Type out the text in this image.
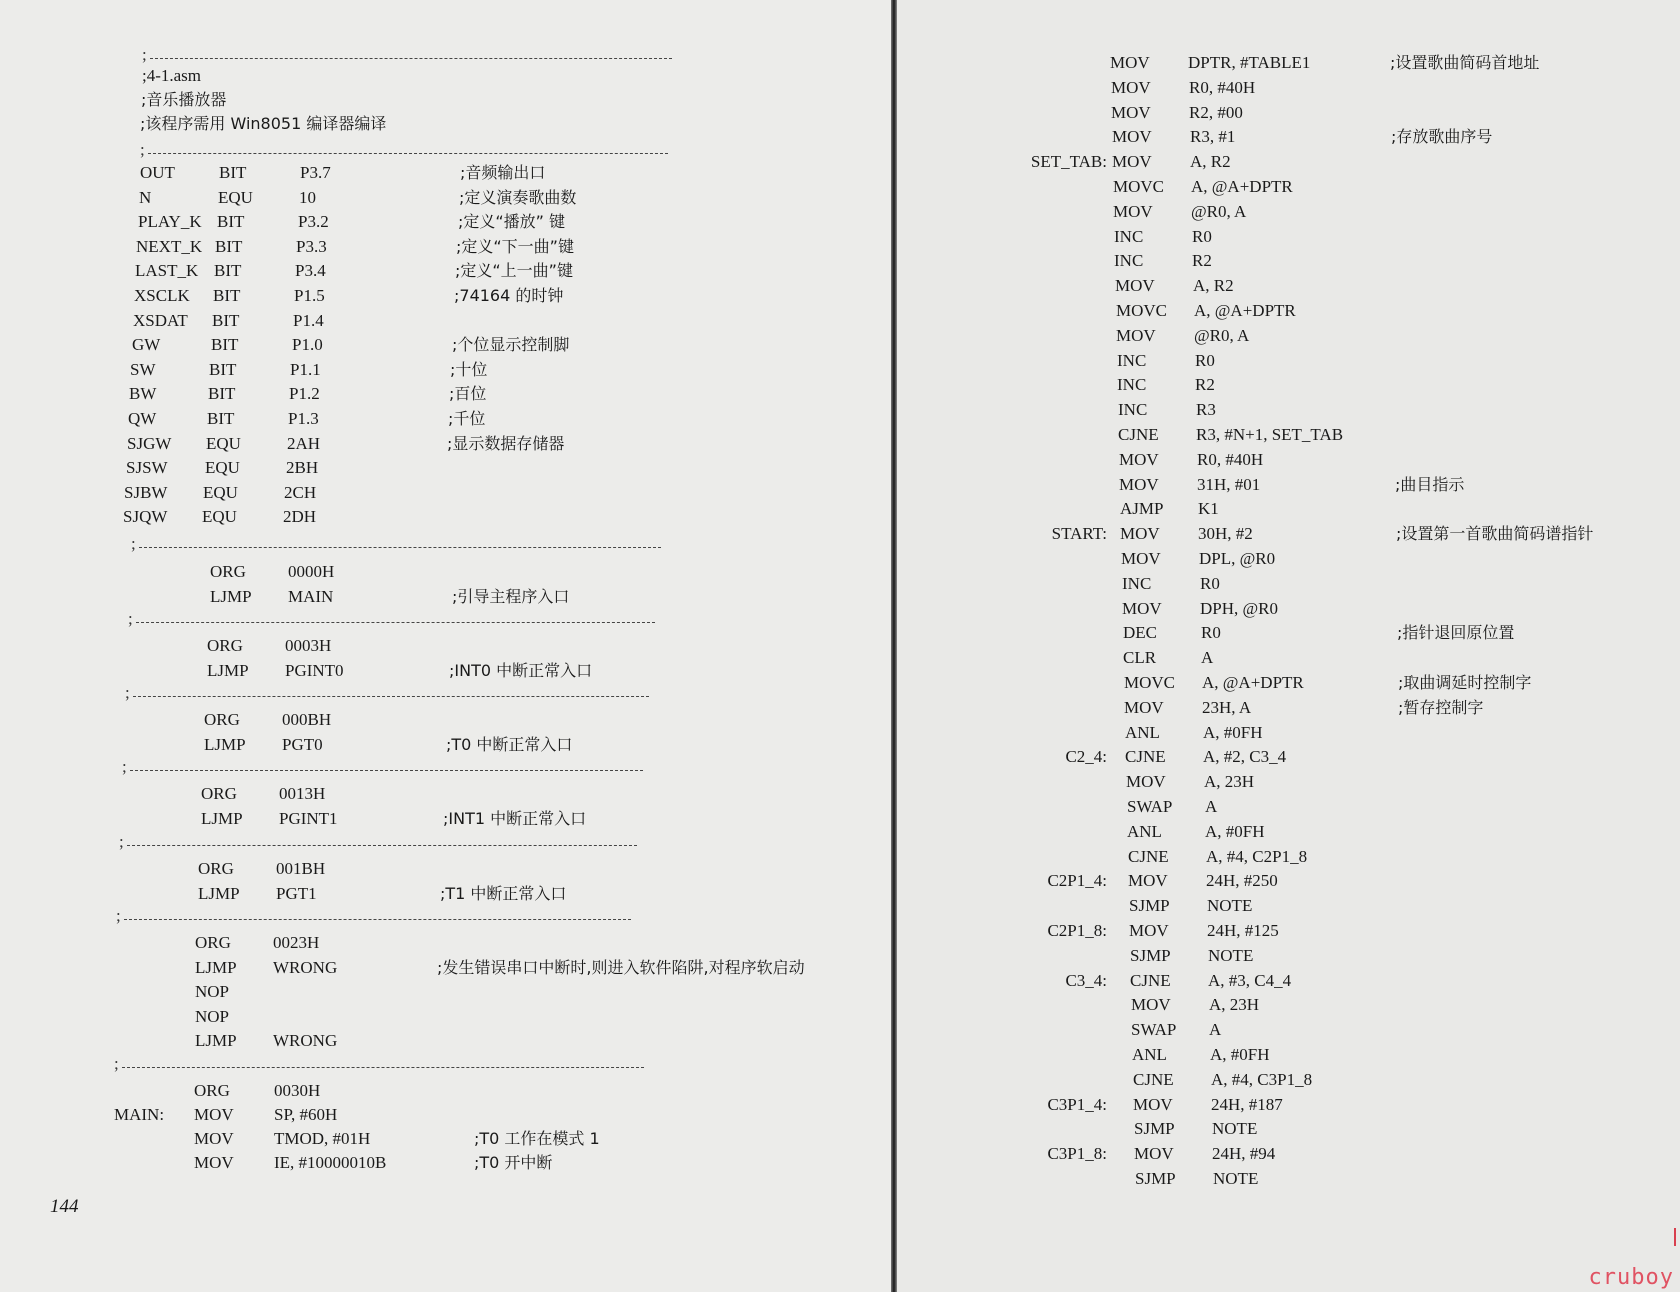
144
;
;4-1.asm
;音乐播放器
;该程序需用 Win8051 编译器编译
;
OUT	BIT	P3.7	;音频输出口
N	EQU	10	;定义演奏歌曲数
PLAY_K BIT	P3.2	;定义“播放” 键
NEXT_K BIT	P3.3	;定义“下一曲”键
LAST_K BIT	P3.4	;定义“上一曲”键
XSCLK BIT	P1.5	;74164 的时钟
XSDAT BIT	P1.4
GW	BIT	P1.0	;个位显示控制脚
SW	BIT	P1.1	;十位
BW	BIT	P1.2	;百位
QW	BIT	P1.3	;千位
SJGW EQU	2AH	;显示数据存储器
SJSW EQU	2BH
SJBW EQU	2CH
SJQW EQU	2DH
;
ORG 0000H
LJMP MAIN	;引导主程序入口
;
ORG 0003H
LJMP PGINT0	;INT0 中断正常入口
;
ORG 000BH
LJMP PGT0	;T0 中断正常入口
;
ORG 0013H
LJMP PGINT1	;INT1 中断正常入口
;
ORG 001BH
LJMP PGT1	;T1 中断正常入口
;
ORG 0023H
LJMP WRONG	;发生错误串口中断时,则进入软件陷阱,对程序软启动
NOP
NOP
LJMP WRONG
;
ORG	0030H
MAIN: MOV SP, #60H
MOV TMOD, #01H	;T0 工作在模式 1
MOV IE, #10000010B	;T0 开中断
MOV DPTR, #TABLE1	;设置歌曲简码首地址
MOV R0, #40H
MOV R2, #00
MOV R3, #1	;存放歌曲序号
SET_TAB: MOV A, R2
MOVC A, @A+DPTR
MOV @R0, A
INC	R0
INC	R2
MOV A, R2
MOVC A, @A+DPTR
MOV @R0, A
INC	R0
INC	R2
INC	R3
CJNE R3, #N+1, SET_TAB
MOV R0, #40H
MOV 31H, #01	;曲目指示
AJMP K1
START: MOV 30H, #2	;设置第一首歌曲简码谱指针
MOV DPL, @R0
INC	R0
MOV DPH, @R0
DEC	R0	;指针退回原位置
CLR	A
MOVC A, @A+DPTR	;取曲调延时控制字
MOV 23H, A	;暂存控制字
ANL	A, #0FH
C2_4: CJNE A, #2, C3_4
MOV A, 23H
SWAP A
ANL	A, #0FH
CJNE A, #4, C2P1_8
C2P1_4: MOV 24H, #250
SJMP NOTE
C2P1_8: MOV 24H, #125
SJMP NOTE
C3_4: CJNE A, #3, C4_4
MOV A, 23H
SWAP A
ANL	A, #0FH
CJNE A, #4, C3P1_8
C3P1_4: MOV 24H, #187
SJMP NOTE
C3P1_8: MOV 24H, #94
SJMP NOTE
cruboy
